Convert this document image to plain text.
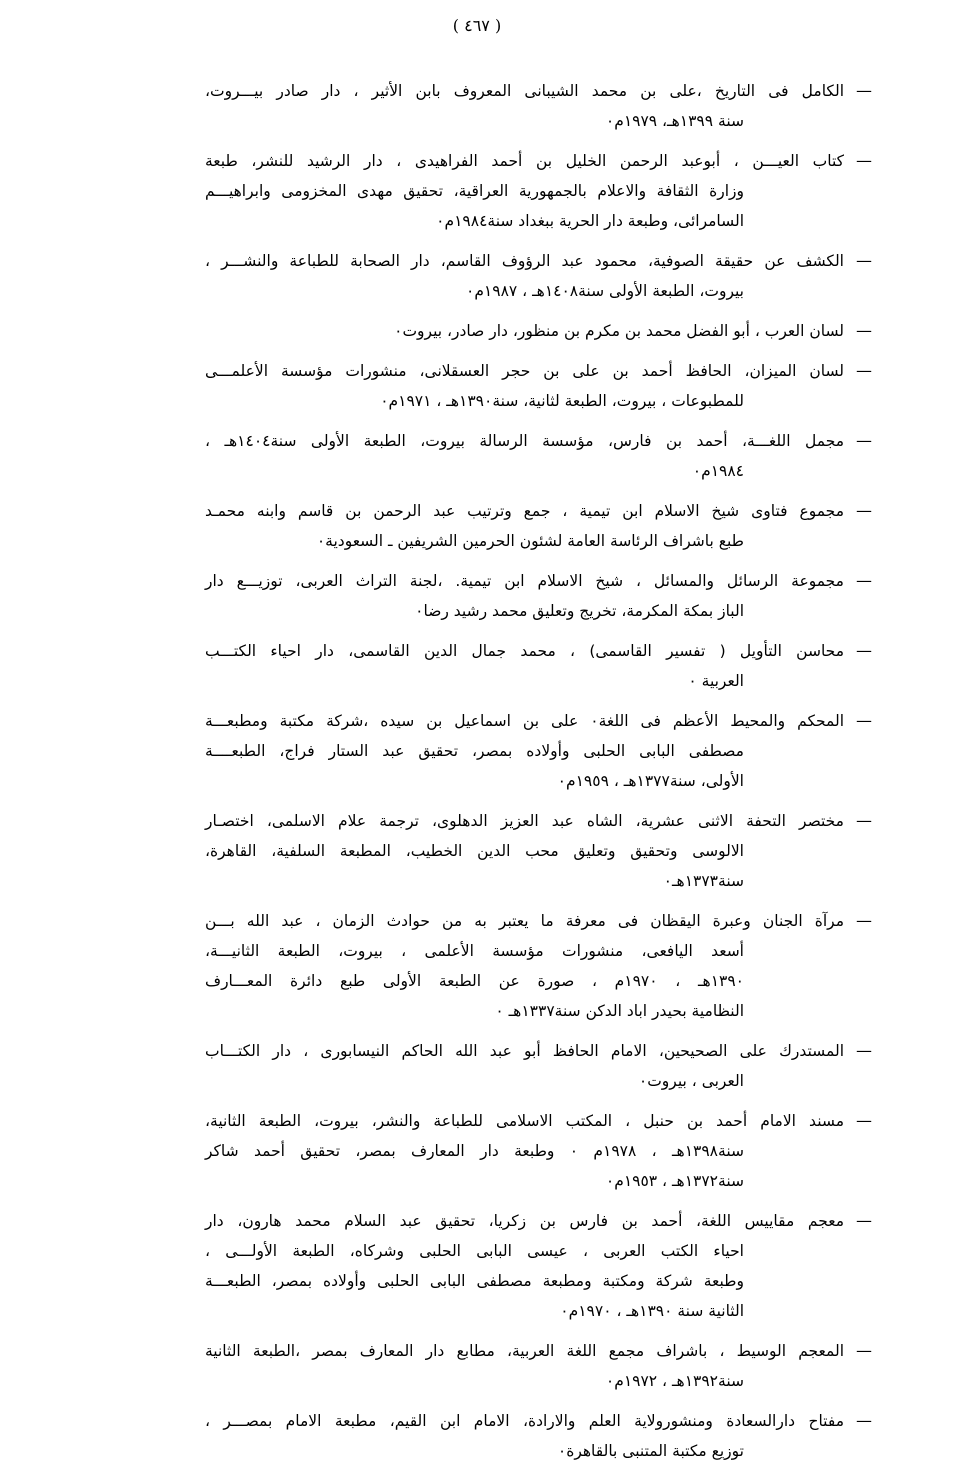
( ٤٦٧ )
—
الكامل فى التاريخ ،على بن محمد الشيبانى المعروف بابن الأثير ، دار صادر بيـــروت،
سنة ١٣٩٩هـ، ١٩٧٩م٠
—
كتاب العيـــن ، أبوعبد الرحمن الخليل بن أحمد الفراهيدى ، دار الرشيد للنشر، طبعة
وزارة الثقافة والاعلام بالجمهورية العراقية، تحقيق مهدى المخزومى وابراهيـــم
السامرائى، وطبعة دار الحرية ببغداد سنة١٩٨٤م٠
—
الكشف عن حقيقة الصوفية، محمود عبد الرؤوف القاسم، دار الصحابة للطباعة والنشـــر ،
بيروت، الطبعة الأولى سنة١٤٠٨هـ ، ١٩٨٧م٠
—
لسان العرب ، أبو الفضل محمد بن مكرم بن منظور، دار صادر، بيروت٠
—
لسان الميزان، الحافظ أحمد بن على بن حجر العسقلانى، منشورات مؤسسة الأعلمـــى
للمطبوعات ، بيروت، الطبعة لثانية، سنة١٣٩٠هـ ، ١٩٧١م٠
—
مجمل اللغـــة، أحمد بن فارس، مؤسسة الرسالة بيروت، الطبعة الأولى سنة١٤٠٤هـ ،
١٩٨٤م٠
—
مجموع فتاوى شيخ الاسلام ابن تيمية ، جمع وترتيب عبد الرحمن بن قاسم وابنه محمـد
طبع باشراف الرئاسة العامة لشئون الحرمين الشريفين ـ السعودية٠
—
مجموعة الرسائل والمسائل ، شيخ الاسلام ابن تيمية. ،لجنة التراث العربى، توزيـــع دار
الباز بمكة المكرمة، تخريج وتعليق محمد رشيد رضا٠
—
محاسن التأويل ( تفسير القاسمى) ، محمد جمال الدين القاسمى، دار احياء الكتـــب
العربية ٠
—
المحكم والمحيط الأعظم فى اللغة٠ على بن اسماعيل بن سيده ،شركة مكتبة ومطبعـــة
مصطفى البابى الحلبى وأولاده بمصر، تحقيق عبد الستار فراج، الطبعــــة
الأولى، سنة١٣٧٧هـ ، ١٩٥٩م٠
—
مختصر التحفة الاثنى عشرية، الشاه عبد العزيز الدهلوى، ترجمة علام الاسلمى، اختصـار
الالوسى وتحقيق وتعليق محب الدين الخطيب، المطبعة السلفية، القاهرة،
سنة١٣٧٣هـ٠
—
مرآة الجنان وعبرة اليقظان فى معرفة ما يعتبر به من حوادث الزمان ، عبد الله بـــن
أسعد اليافعى، منشورات مؤسسة الأعلمى ، بيروت، الطبعة الثانيـــة،
١٣٩٠هـ ، ١٩٧٠م ، صورة عن الطبعة الأولى طبع دائرة المعـــارف
النظامية بحيدر اباد الدكن سنة١٣٣٧هـ ٠
—
المستدرك على الصحيحين، الامام الحافظ أبو عبد الله الحاكم النيسابورى ، دار الكتـــاب
العربى ، بيروت٠
—
مسند الامام أحمد بن حنبل ، المكتب الاسلامى للطباعة والنشر، بيروت، الطبعة الثانية،
سنة١٣٩٨هـ ، ١٩٧٨م ٠ وطبعة دار المعارف بمصر، تحقيق أحمد شاكر
سنة١٣٧٢هـ ، ١٩٥٣م٠
—
معجم مقاييس اللغة، أحمد بن فارس بن زكريا، تحقيق عبد السلام محمد هارون، دار
احياء الكتب العربى ، عيسى البابى الحلبى وشركاه، الطبعة الأولـــى ،
وطبعة شركة ومكتبة ومطبعة مصطفى البابى الحلبى وأولاده بمصر، الطبعـــة
الثانية سنة ١٣٩٠هـ ، ١٩٧٠م٠
—
المعجم الوسيط ، باشراف مجمع اللغة العربية، مطابع دار المعارف بمصر ،الطبعة الثانية
سنة١٣٩٢هـ ، ١٩٧٢م٠
—
مفتاح دارالسعادة ومنشورولاية العلم والارادة، الامام ابن القيم، مطبعة الامام بمصـــر ،
توزيع مكتبة المتنبى بالقاهرة٠
